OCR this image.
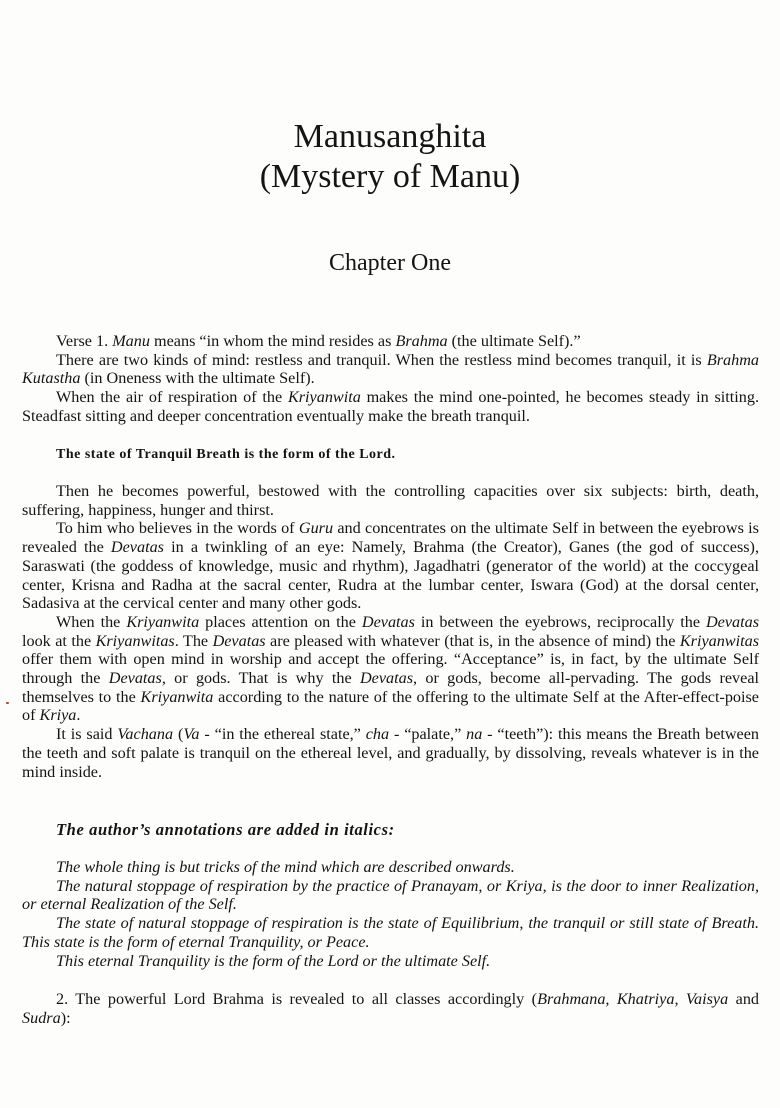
Manusanghita
(Mystery of Manu)
Chapter One

Verse 1. Manu means “in whom the mind resides as Brahma (the ultimate Self).”

There are two kinds of mind: restless and tranquil. When the restless mind becomes tranquil, it is Brahma Kutastha (in Oneness with the ultimate Self).

When the air of respiration of the Kriyanwita makes the mind one-pointed, he becomes steady in sitting. Steadfast sitting and deeper concentration eventually make the breath tranquil.

The state of Tranquil Breath is the form of the Lord.

Then he becomes powerful, bestowed with the controlling capacities over six subjects: birth, death, suffering, happiness, hunger and thirst.

To him who believes in the words of Guru and concentrates on the ultimate Self in between the eyebrows is revealed the Devatas in a twinkling of an eye: Namely, Brahma (the Creator), Ganes (the god of success), Saraswati (the goddess of knowledge, music and rhythm), Jagadhatri (generator of the world) at the coccygeal center, Krisna and Radha at the sacral center, Rudra at the lumbar center, Iswara (God) at the dorsal center, Sadasiva at the cervical center and many other gods.

When the Kriyanwita places attention on the Devatas in between the eyebrows, reciprocally the Devatas look at the Kriyanwitas. The Devatas are pleased with whatever (that is, in the absence of mind) the Kriyanwitas offer them with open mind in worship and accept the offering. “Acceptance” is, in fact, by the ultimate Self through the Devatas, or gods. That is why the Devatas, or gods, become all-pervading. The gods reveal themselves to the Kriyanwita according to the nature of the offering to the ultimate Self at the After-effect-poise of Kriya.

It is said Vachana (Va - “in the ethereal state,” cha - “palate,” na - “teeth”): this means the Breath between the teeth and soft palate is tranquil on the ethereal level, and gradually, by dissolving, reveals whatever is in the mind inside.

The author’s annotations are added in italics:

The whole thing is but tricks of the mind which are described onwards.

The natural stoppage of respiration by the practice of Pranayam, or Kriya, is the door to inner Realization, or eternal Realization of the Self.

The state of natural stoppage of respiration is the state of Equilibrium, the tranquil or still state of Breath. This state is the form of eternal Tranquility, or Peace.

This eternal Tranquility is the form of the Lord or the ultimate Self.

2. The powerful Lord Brahma is revealed to all classes accordingly (Brahmana, Khatriya, Vaisya and Sudra):
